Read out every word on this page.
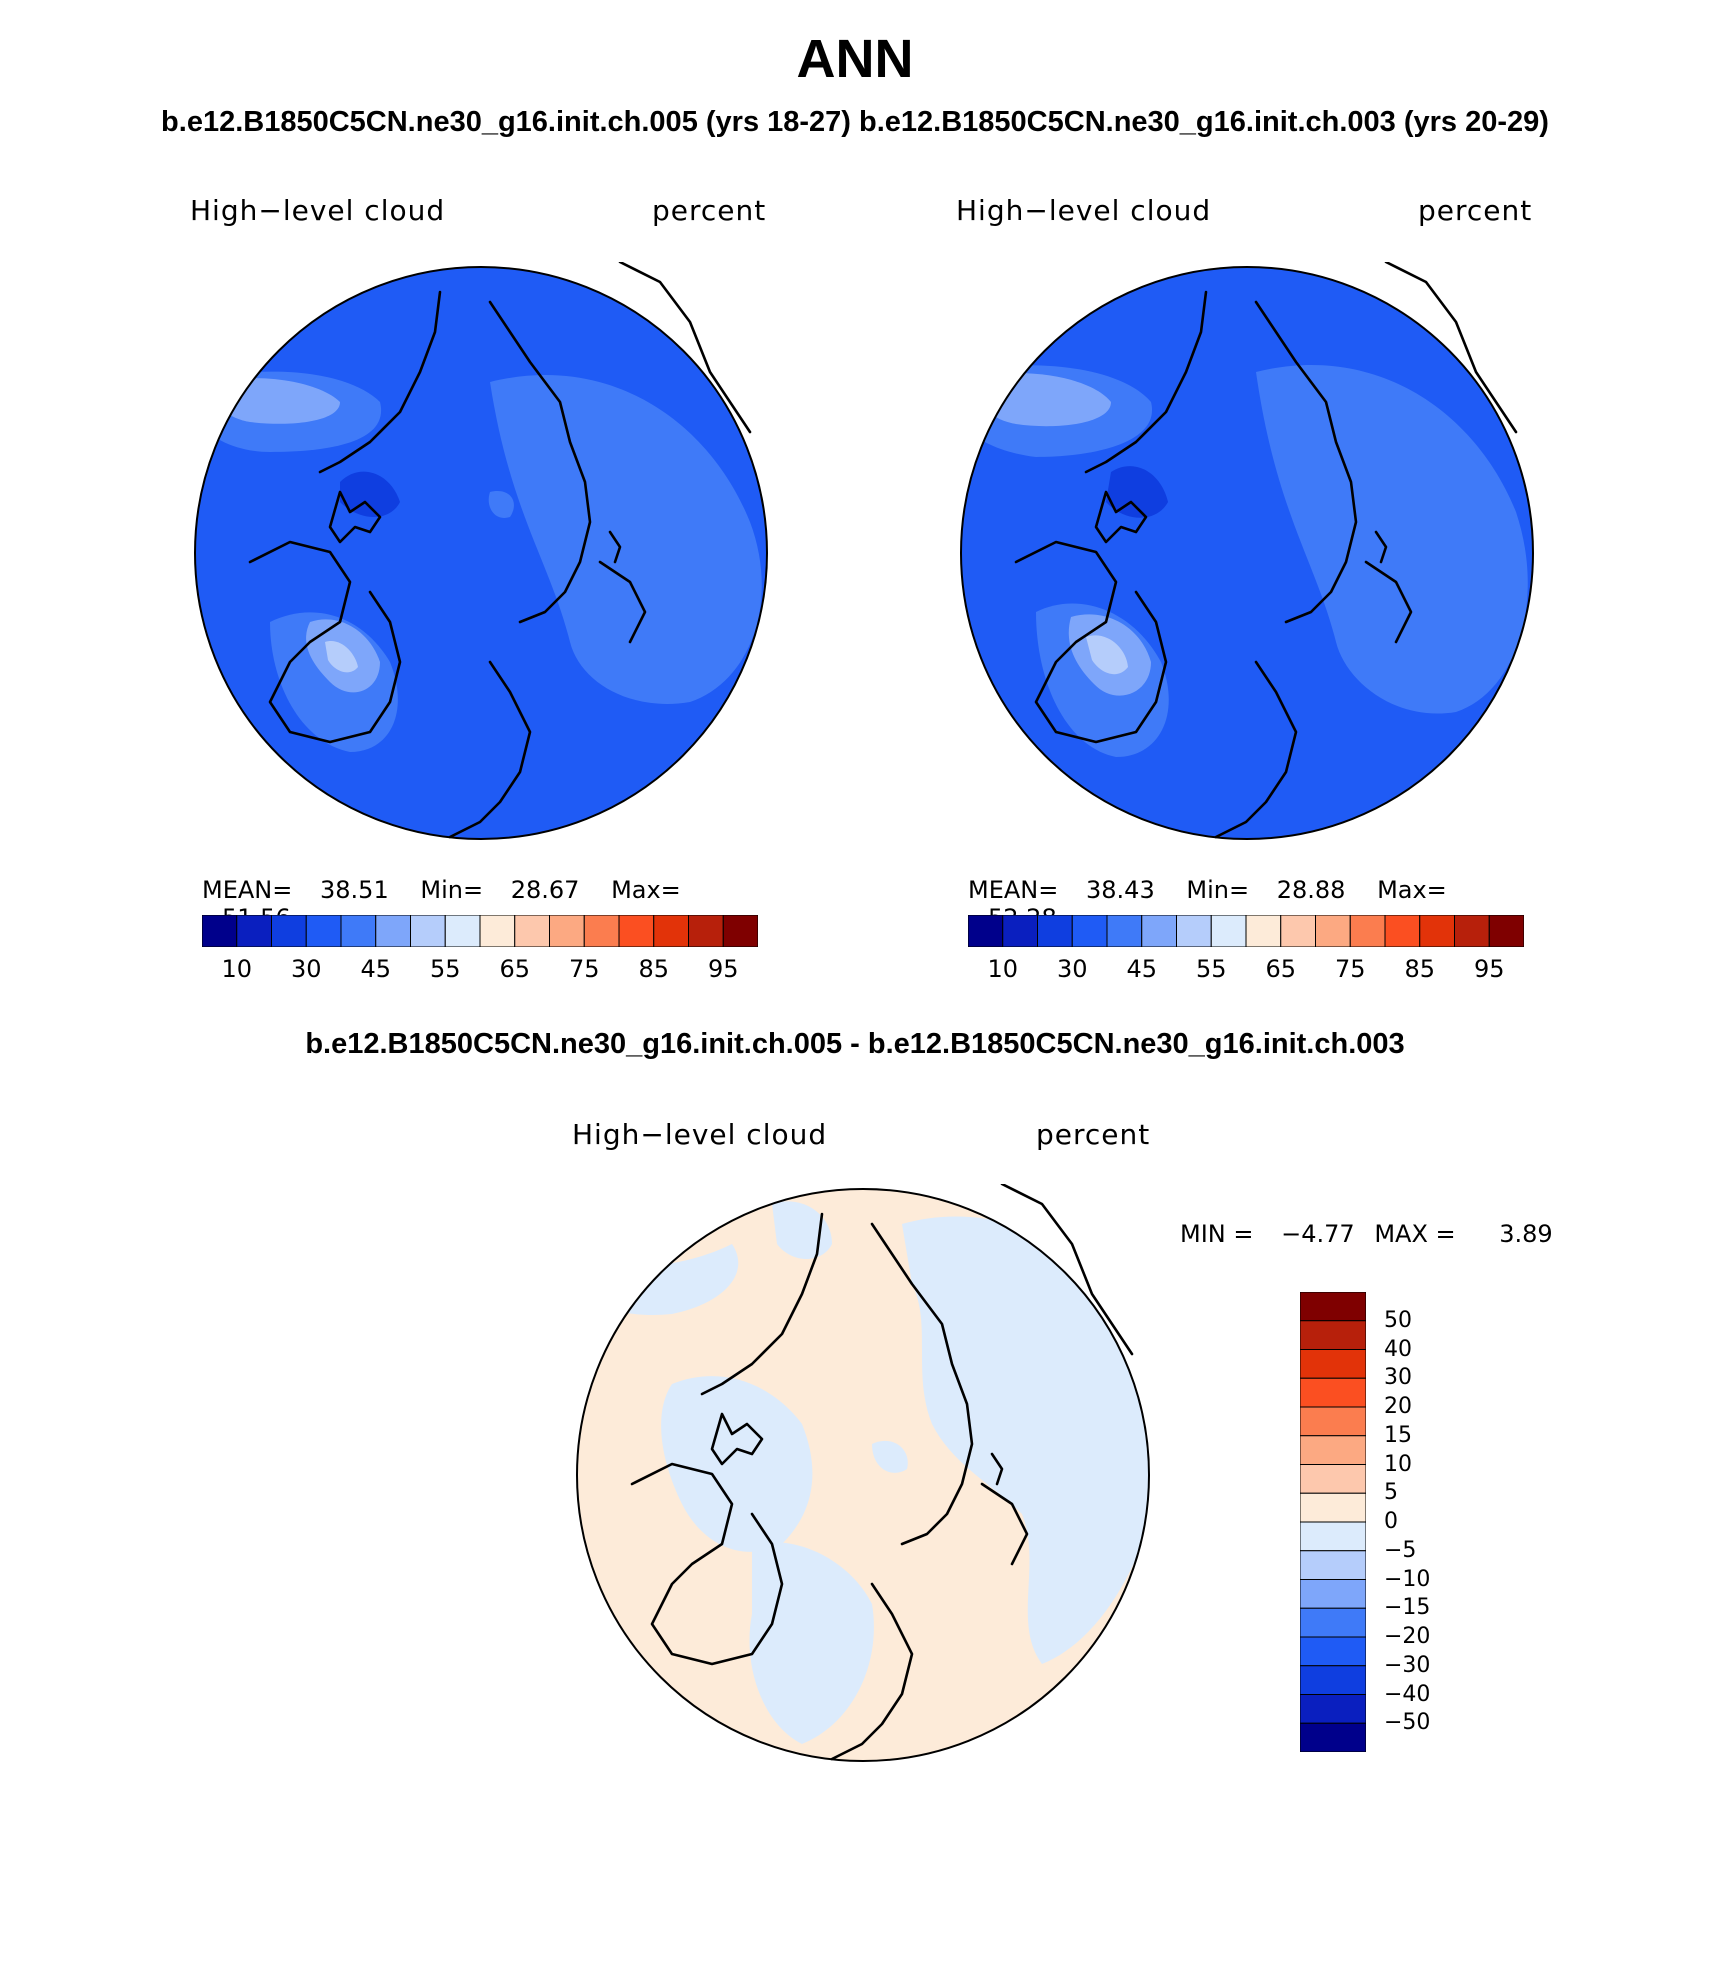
ANN
b.e12.B1850C5CN.ne30_g16.init.ch.005 (yrs 18-27) b.e12.B1850C5CN.ne30_g16.init.ch.003 (yrs 20-29)
High−level cloud	percent
MEAN= 38.51 Min= 28.67 Max=
10	30	45	55	65	75	85	95
High−level cloud	percent
MEAN= 38.43 Min= 28.88 Max=
10	30	45	55	65	75	85	95
b.e12.B1850C5CN.ne30_g16.init.ch.005 - b.e12.B1850C5CN.ne30_g16.init.ch.003
High−level cloud	percent
MIN = −4.77 MAX = 3.89
50
40
30
20
15
10
5
0
−5
−10
−15
−20
−30
−40
−50
